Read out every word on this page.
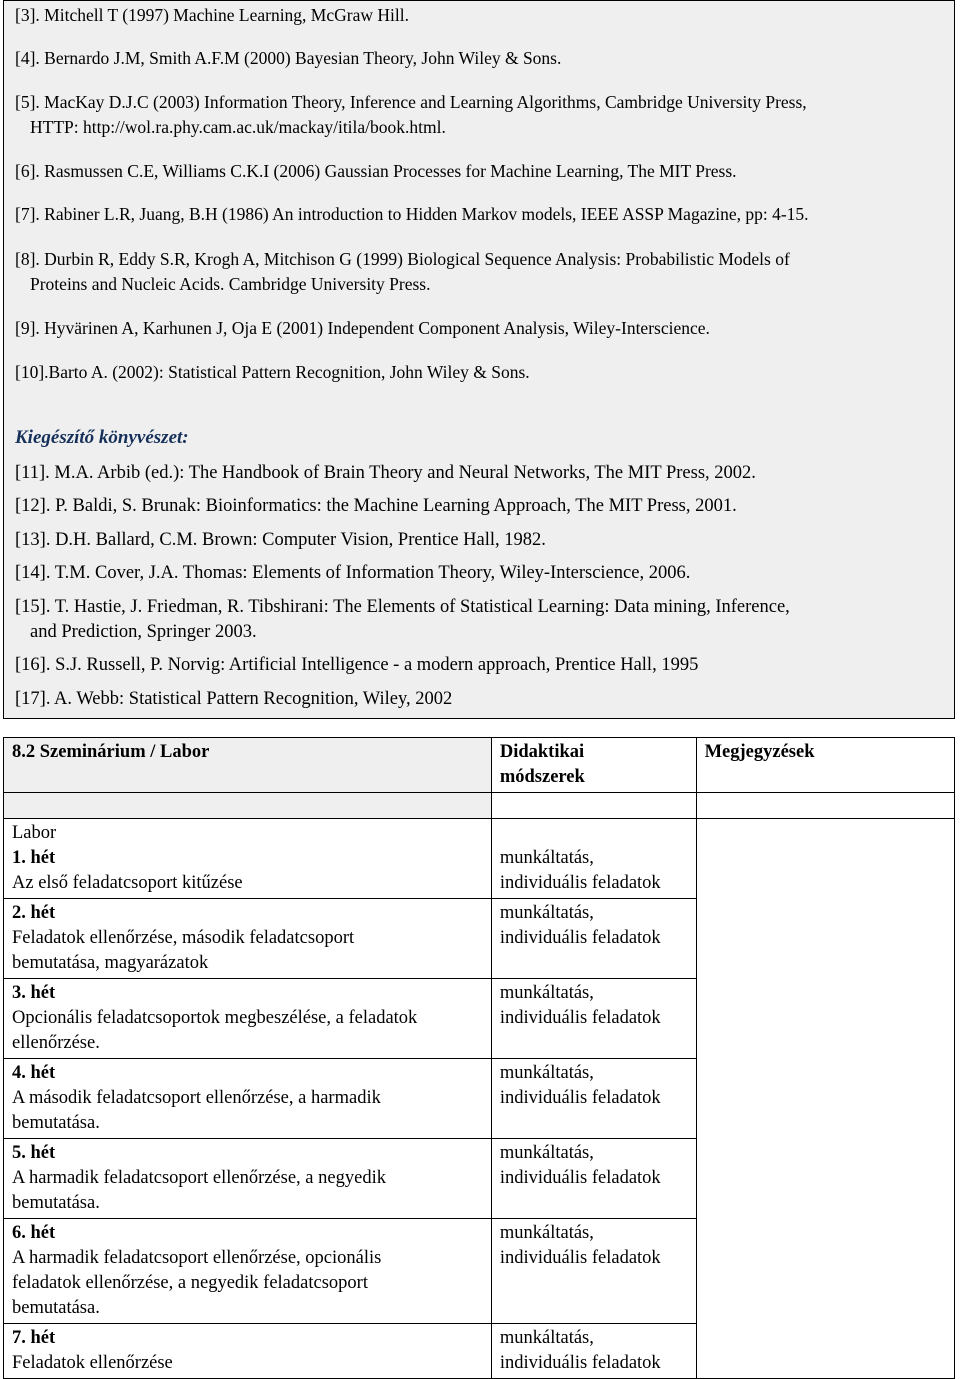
[3]. Mitchell T (1997) Machine Learning, McGraw Hill.
[4]. Bernardo J.M, Smith A.F.M (2000) Bayesian Theory, John Wiley & Sons.
[5]. MacKay D.J.C (2003) Information Theory, Inference and Learning Algorithms, Cambridge University Press,
HTTP: http://wol.ra.phy.cam.ac.uk/mackay/itila/book.html.
[6]. Rasmussen C.E, Williams C.K.I (2006) Gaussian Processes for Machine Learning, The MIT Press.
[7]. Rabiner L.R, Juang, B.H (1986) An introduction to Hidden Markov models, IEEE ASSP Magazine, pp: 4-15.
[8]. Durbin R, Eddy S.R, Krogh A, Mitchison G (1999) Biological Sequence Analysis: Probabilistic Models of
Proteins and Nucleic Acids. Cambridge University Press.
[9]. Hyvärinen A, Karhunen J, Oja E (2001) Independent Component Analysis, Wiley-Interscience.
[10].Barto A. (2002): Statistical Pattern Recognition, John Wiley & Sons.
Kiegészítő könyvészet:
[11]. M.A. Arbib (ed.): The Handbook of Brain Theory and Neural Networks, The MIT Press, 2002.
[12]. P. Baldi, S. Brunak: Bioinformatics: the Machine Learning Approach, The MIT Press, 2001.
[13]. D.H. Ballard, C.M. Brown: Computer Vision, Prentice Hall, 1982.
[14]. T.M. Cover, J.A. Thomas: Elements of Information Theory, Wiley-Interscience, 2006.
[15]. T. Hastie, J. Friedman, R. Tibshirani: The Elements of Statistical Learning: Data mining, Inference,
and Prediction, Springer 2003.
[16]. S.J. Russell, P. Norvig: Artificial Intelligence - a modern approach, Prentice Hall, 1995
[17]. A. Webb: Statistical Pattern Recognition, Wiley, 2002
8.2 Szeminárium / Labor	Didaktikai
módszerek	Megjegyzések

Labor
1. hét
Az első feladatcsoport kitűzése	munkáltatás,
individuális feladatok	

2. hét
Feladatok ellenőrzése, második feladatcsoport
bemutatása, magyarázatok	munkáltatás,
individuális feladatok	

3. hét
Opcionális feladatcsoportok megbeszélése, a feladatok
ellenőrzése.	munkáltatás,
individuális feladatok	

4. hét
A második feladatcsoport ellenőrzése, a harmadik
bemutatása.	munkáltatás,
individuális feladatok	

5. hét
A harmadik feladatcsoport ellenőrzése, a negyedik
bemutatása.	munkáltatás,
individuális feladatok	

6. hét
A harmadik feladatcsoport ellenőrzése, opcionális
feladatok ellenőrzése, a negyedik feladatcsoport
bemutatása.	munkáltatás,
individuális feladatok	

7. hét
Feladatok ellenőrzése	munkáltatás,
individuális feladatok	
